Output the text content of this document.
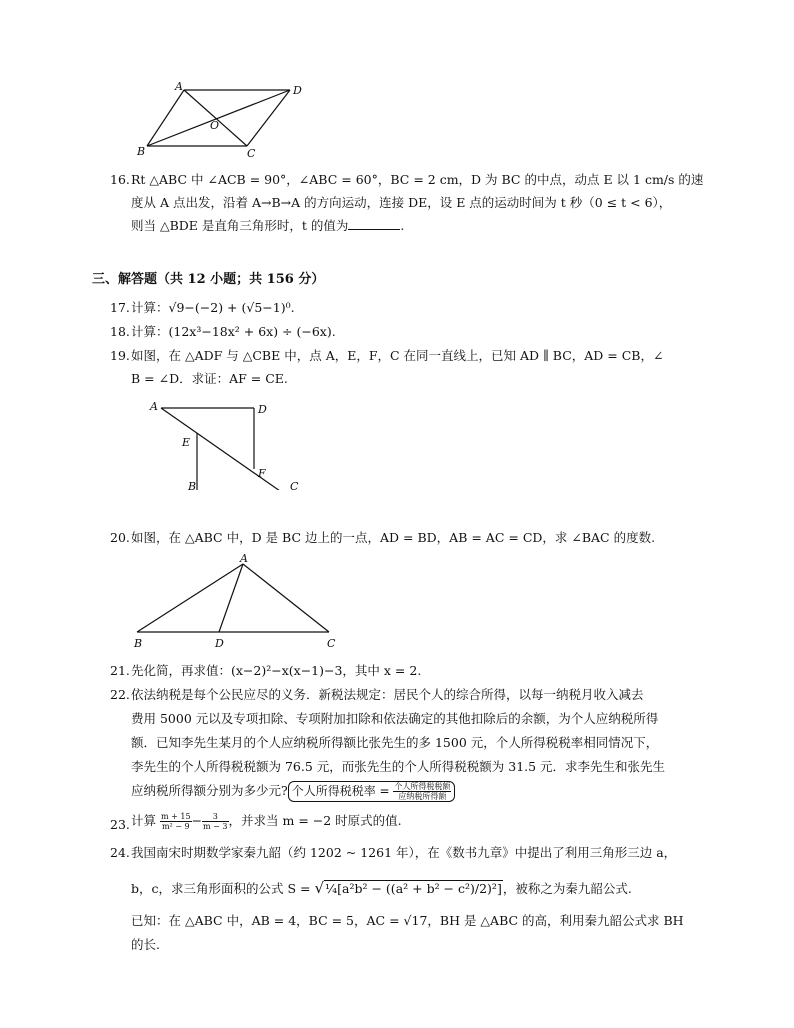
A	D
O
B	C
16. Rt △ABC 中 ∠ACB = 90°，∠ABC = 60°，BC = 2 cm，D 为 BC 的中点，动点 E 以 1 cm/s 的速
度从 A 点出发，沿着 A→B→A 的方向运动，连接 DE，设 E 点的运动时间为 t 秒（0 ≤ t < 6），
则当 △BDE 是直角三角形时，t 的值为	.
三、解答题（共 12 小题；共 156 分）
17. 计算：√9−(−2) + (√5−1)⁰.
18. 计算：(12x³−18x² + 6x) ÷ (−6x).
19. 如图，在 △ADF 与 △CBE 中，点 A，E，F，C 在同一直线上，已知 AD ∥ BC，AD = CB，∠
B = ∠D．求证：AF = CE.
A	D
E
F
B	C
20. 如图，在 △ABC 中，D 是 BC 边上的一点，AD = BD，AB = AC = CD，求 ∠BAC 的度数.
A
B	D	C
21. 先化简，再求值：(x−2)²−x(x−1)−3，其中 x = 2.
22. 依法纳税是每个公民应尽的义务．新税法规定：居民个人的综合所得，以每一纳税月收入减去
费用 5000 元以及专项扣除、专项附加扣除和依法确定的其他扣除后的余额，为个人应纳税所得
额．已知李先生某月的个人应纳税所得额比张先生的多 1500 元，个人所得税税率相同情况下，
李先生的个人所得税税额为 76.5 元，而张先生的个人所得税税额为 31.5 元．求李先生和张先生
应纳税所得额分别为多少元? 个人所得税税率 = $\frac{\text{个人所得税税额}}{\text{应纳税所得额}}$
23. 计算 $\frac{m + 15}{\text{m² − 9}} - \frac{3}{m - 3}$ ，并求当 m = −2 时原式的值.
24. 我国南宋时期数学家秦九韶（约 1202 ~ 1261 年），在《数书九章》中提出了利用三角形三边 a，
b，c，求三角形面积的公式 S = √¼[a²b² − ((a² + b² − c²)/2)²]，被称之为秦九韶公式.
已知：在 △ABC 中，AB = 4，BC = 5，AC = √17，BH 是 △ABC 的高，利用秦九韶公式求 BH
的长.
